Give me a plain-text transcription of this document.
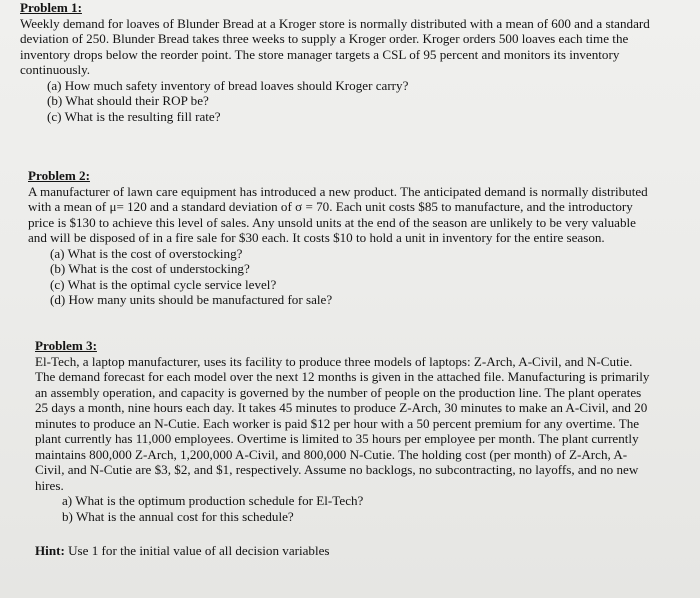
Problem 1:

Weekly demand for loaves of Blunder Bread at a Kroger store is normally distributed with a mean of 600 and a standard deviation of 250. Blunder Bread takes three weeks to supply a Kroger order. Kroger orders 500 loaves each time the inventory drops below the reorder point. The store manager targets a CSL of 95 percent and monitors its inventory continuously.

(a) How much safety inventory of bread loaves should Kroger carry?
(b) What should their ROP be?
(c) What is the resulting fill rate?

Problem 2:

A manufacturer of lawn care equipment has introduced a new product. The anticipated demand is normally distributed with a mean of μ= 120 and a standard deviation of σ = 70. Each unit costs $85 to manufacture, and the introductory price is $130 to achieve this level of sales. Any unsold units at the end of the season are unlikely to be very valuable and will be disposed of in a fire sale for $30 each. It costs $10 to hold a unit in inventory for the entire season.

(a) What is the cost of overstocking?
(b) What is the cost of understocking?
(c) What is the optimal cycle service level?
(d) How many units should be manufactured for sale?

Problem 3:

El-Tech, a laptop manufacturer, uses its facility to produce three models of laptops: Z-Arch, A-Civil, and N-Cutie. The demand forecast for each model over the next 12 months is given in the attached file. Manufacturing is primarily an assembly operation, and capacity is governed by the number of people on the production line. The plant operates 25 days a month, nine hours each day. It takes 45 minutes to produce Z-Arch, 30 minutes to make an A-Civil, and 20 minutes to produce an N-Cutie. Each worker is paid $12 per hour with a 50 percent premium for any overtime. The plant currently has 11,000 employees. Overtime is limited to 35 hours per employee per month. The plant currently maintains 800,000 Z-Arch, 1,200,000 A-Civil, and 800,000 N-Cutie. The holding cost (per month) of Z-Arch, A-Civil, and N-Cutie are $3, $2, and $1, respectively. Assume no backlogs, no subcontracting, no layoffs, and no new hires.

a) What is the optimum production schedule for El-Tech?
b) What is the annual cost for this schedule?

Hint: Use 1 for the initial value of all decision variables
